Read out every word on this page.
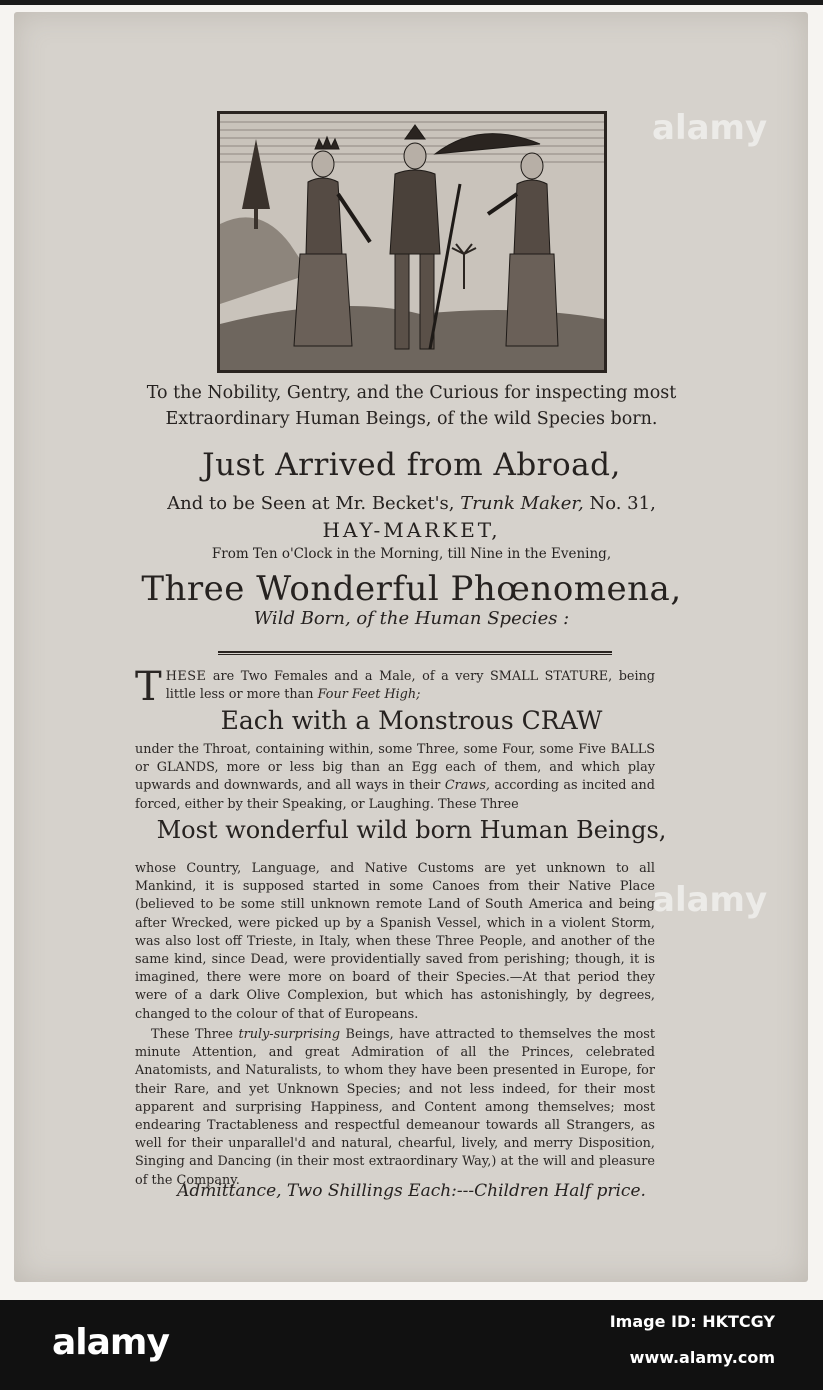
To the Nobility, Gentry, and the Curious for inspecting most
Extraordinary Human Beings, of the wild Species born.
Just Arrived from Abroad,
And to be Seen at Mr. Becket's, Trunk Maker, No. 31,
HAY-MARKET,
From Ten o'Clock in the Morning, till Nine in the Evening,
Three Wonderful Phœnomena,
Wild Born, of the Human Species :
T HESE are Two Females and a Male, of a very SMALL STATURE, being little less or more than Four Feet High;
Each with a Monstrous CRAW
under the Throat, containing within, some Three, some Four, some Five BALLS or GLANDS, more or less big than an Egg each of them, and which play upwards and downwards, and all ways in their Craws, according as incited and forced, either by their Speaking, or Laughing. These Three
Most wonderful wild born Human Beings,
whose Country, Language, and Native Customs are yet unknown to all Mankind, it is supposed started in some Canoes from their Native Place (believed to be some still unknown remote Land of South America and being after Wrecked, were picked up by a Spanish Vessel, which in a violent Storm, was also lost off Trieste, in Italy, when these Three People, and another of the same kind, since Dead, were providentially saved from perishing; though, it is imagined, there were more on board of their Species.—At that period they were of a dark Olive Complexion, but which has astonishingly, by degrees, changed to the colour of that of Europeans.
These Three truly-surprising Beings, have attracted to themselves the most minute Attention, and great Admiration of all the Princes, celebrated Anatomists, and Naturalists, to whom they have been presented in Europe, for their Rare, and yet Unknown Species; and not less indeed, for their most apparent and surprising Happiness, and Content among themselves; most endearing Tractableness and respectful demeanour towards all Strangers, as well for their unparallel'd and natural, chearful, lively, and merry Disposition, Singing and Dancing (in their most extraordinary Way,) at the will and pleasure of the Company.
Admittance, Two Shillings Each:---Children Half price.
alamy
alamy
alamy
Image ID: HKTCGY
www.alamy.com
